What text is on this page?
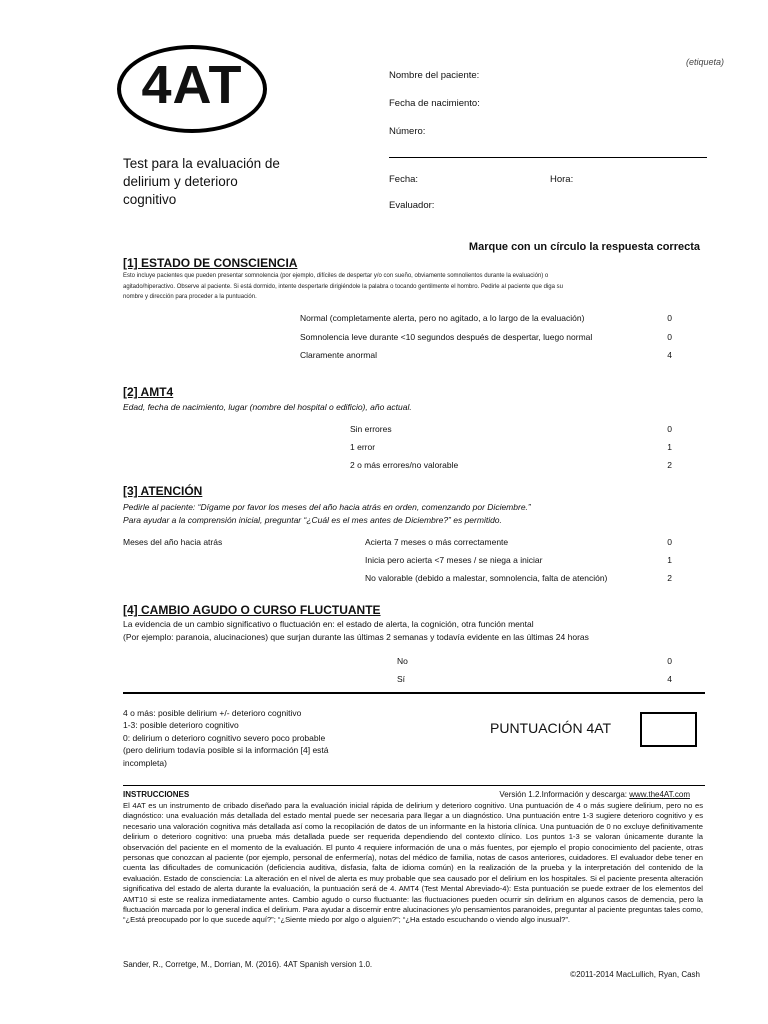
4AT
Test para la evaluación de delirium y deterioro cognitivo
(etiqueta)
Nombre del paciente:
Fecha de nacimiento:
Número:
Fecha:	Hora:
Evaluador:
Marque con un círculo la respuesta correcta
[1] ESTADO DE CONSCIENCIA
Esto incluye pacientes que pueden presentar somnolencia (por ejemplo, difíciles de despertar y/o con sueño, obviamente somnolientos durante la evaluación) o agitado/hiperactivo. Observe al paciente. Si está dormido, intente despertarle dirigiéndole la palabra o tocando gentilmente el hombro. Pedirle al paciente que diga su nombre y dirección para proceder a la puntuación.
Normal (completamente alerta, pero no agitado, a lo largo de la evaluación)	0
Somnolencia leve durante <10 segundos después de despertar, luego normal	0
Claramente anormal	4
[2] AMT4
Edad, fecha de nacimiento, lugar (nombre del hospital o edificio), año actual.
Sin errores	0
1 error	1
2 o más errores/no valorable	2
[3] ATENCIÓN
Pedirle al paciente: “Dígame por favor los meses del año hacia atrás en orden, comenzando por Diciembre.”
Para ayudar a la comprensión inicial, preguntar “¿Cuál es el mes antes de Diciembre?” es permitido.
Meses del año hacia atrás	Acierta 7 meses o más correctamente	0
Inicia pero acierta <7 meses / se niega a iniciar	1
No valorable (debido a malestar, somnolencia, falta de atención)	2
[4] CAMBIO AGUDO O CURSO FLUCTUANTE
La evidencia de un cambio significativo o fluctuación en: el estado de alerta, la cognición, otra función mental
(Por ejemplo: paranoia, alucinaciones) que surjan durante las últimas 2 semanas y todavía evidente en las últimas 24 horas
No	0
Sí	4
4 o más: posible delirium +/- deterioro cognitivo
1-3: posible deterioro cognitivo
0: delirium o deterioro cognitivo severo poco probable
(pero delirium todavía posible si la información [4] está
incompleta)
PUNTUACIÓN 4AT
INSTRUCCIONES	Versión 1.2.Información y descarga: www.the4AT.com
El 4AT es un instrumento de cribado diseñado para la evaluación inicial rápida de delirium y deterioro cognitivo. Una puntuación de 4 o más sugiere delirium, pero no es diagnóstico: una evaluación más detallada del estado mental puede ser necesaria para llegar a un diagnóstico. Una puntuación entre 1-3 sugiere deterioro cognitivo y es necesario una valoración cognitiva más detallada así como la recopilación de datos de un informante en la historia clínica. Una puntuación de 0 no excluye definitivamente delirium o deterioro cognitivo: una prueba más detallada puede ser requerida dependiendo del contexto clínico. Los puntos 1-3 se valoran únicamente durante la observación del paciente en el momento de la evaluación. El punto 4 requiere información de una o más fuentes, por ejemplo el propio conocimiento del paciente, otras personas que conozcan al paciente (por ejemplo, personal de enfermería), notas del médico de familia, notas de casos anteriores, cuidadores. El evaluador debe tener en cuenta las dificultades de comunicación (deficiencia auditiva, disfasia, falta de idioma común) en la realización de la prueba y la interpretación del contenido de la evaluación. Estado de consciencia: La alteración en el nivel de alerta es muy probable que sea causado por el delirium en los hospitales. Si el paciente presenta alteración significativa del estado de alerta durante la evaluación, la puntuación será de 4. AMT4 (Test Mental Abreviado-4): Esta puntuación se puede extraer de los elementos del AMT10 si este se realiza inmediatamente antes. Cambio agudo o curso fluctuante: las fluctuaciones pueden ocurrir sin delirium en algunos casos de demencia, pero la fluctuación marcada por lo general indica el delirium. Para ayudar a discernir entre alucinaciones y/o pensamientos paranoides, preguntar al paciente preguntas tales como, “¿Está preocupado por lo que sucede aquí?”; “¿Siente miedo por algo o alguien?”; “¿Ha estado escuchando o viendo algo inusual?”.
Sander, R., Corretge, M., Dorrian, M. (2016). 4AT Spanish version 1.0.
©2011-2014 MacLullich, Ryan, Cash
